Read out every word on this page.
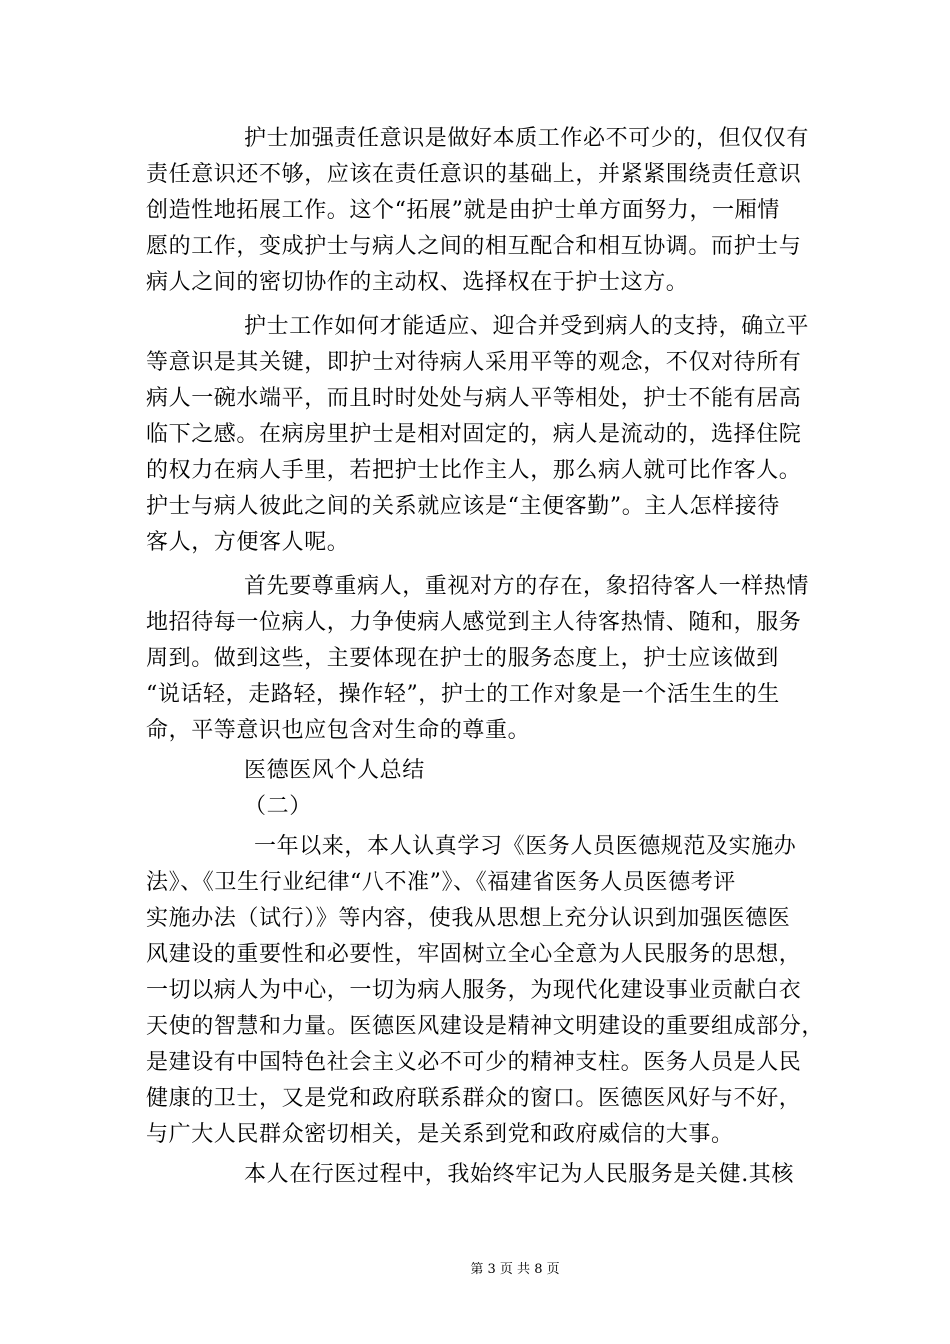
护士加强责任意识是做好本质工作必不可少的，但仅仅有
责任意识还不够，应该在责任意识的基础上，并紧紧围绕责任意识
创造性地拓展工作。这个“拓展”就是由护士单方面努力，一厢情
愿的工作，变成护士与病人之间的相互配合和相互协调。而护士与
病人之间的密切协作的主动权、选择权在于护士这方。
护士工作如何才能适应、迎合并受到病人的支持，确立平
等意识是其关键，即护士对待病人采用平等的观念，不仅对待所有
病人一碗水端平，而且时时处处与病人平等相处，护士不能有居高
临下之感。在病房里护士是相对固定的，病人是流动的，选择住院
的权力在病人手里，若把护士比作主人，那么病人就可比作客人。
护士与病人彼此之间的关系就应该是“主便客勤”。主人怎样接待
客人，方便客人呢。
首先要尊重病人，重视对方的存在，象招待客人一样热情
地招待每一位病人，力争使病人感觉到主人待客热情、随和，服务
周到。做到这些，主要体现在护士的服务态度上，护士应该做到
“说话轻，走路轻，操作轻”，护士的工作对象是一个活生生的生
命，平等意识也应包含对生命的尊重。
医德医风个人总结
（二）
一年以来，本人认真学习《医务人员医德规范及实施办
法》、《卫生行业纪律“八不准”》、《福建省医务人员医德考评
实施办法（试行）》等内容，使我从思想上充分认识到加强医德医
风建设的重要性和必要性，牢固树立全心全意为人民服务的思想，
一切以病人为中心，一切为病人服务，为现代化建设事业贡献白衣
天使的智慧和力量。医德医风建设是精神文明建设的重要组成部分，
是建设有中国特色社会主义必不可少的精神支柱。医务人员是人民
健康的卫士，又是党和政府联系群众的窗口。医德医风好与不好，
与广大人民群众密切相关，是关系到党和政府威信的大事。
本人在行医过程中，我始终牢记为人民服务是关健.其核
第 3 页 共 8 页
